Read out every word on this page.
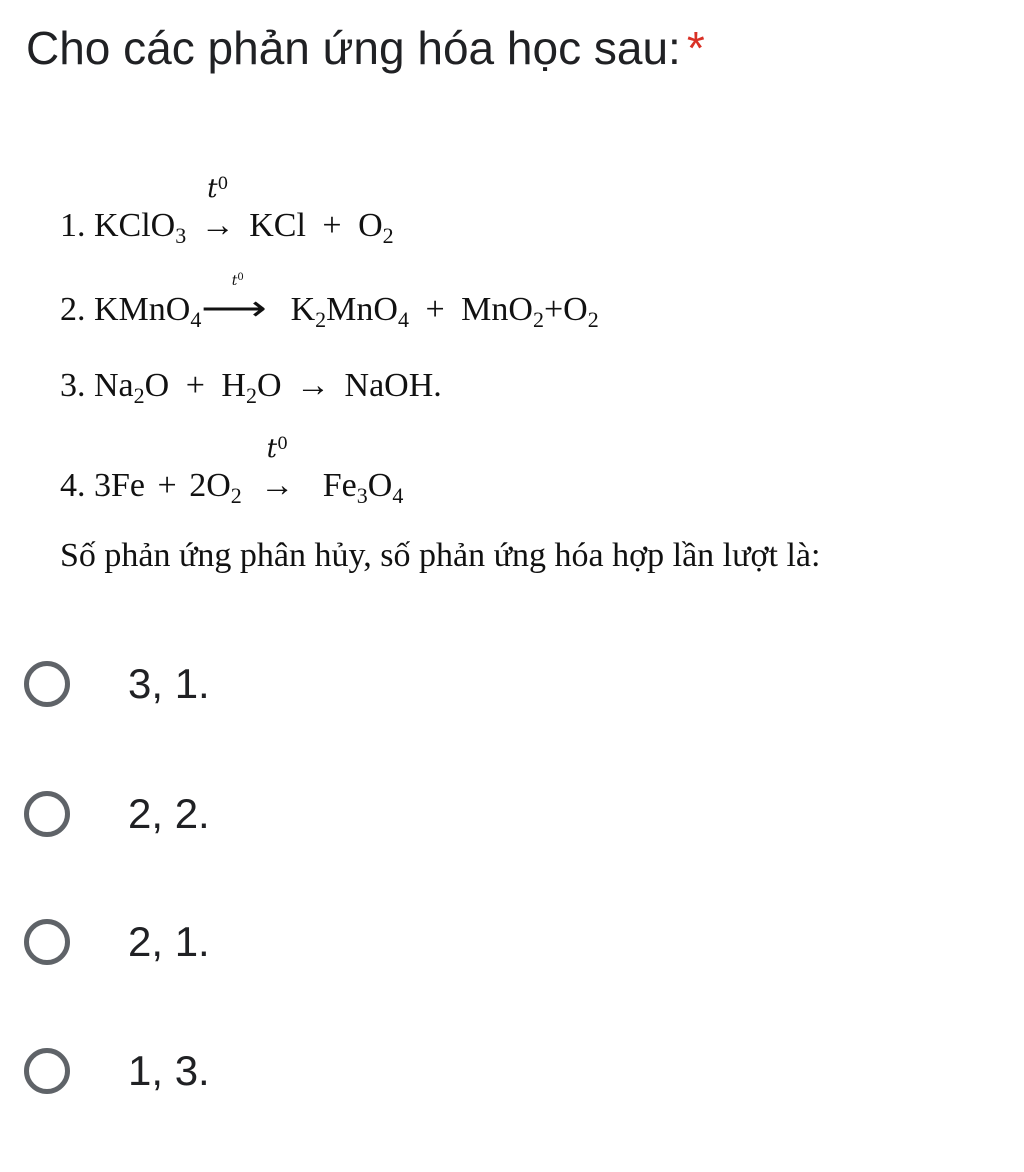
Cho các phản ứng hóa học sau: *
1. KClO$_3$
$t^0$
→ KCl + $O_2$
2. KMnO$_4$
$t^0$
⟶ $K_2MnO_4 + MnO_2+O_2$
3. $Na_2O + H_2O$ → NaOH.
4. $3Fe + 2O_2$
$t^0$
→ $Fe_3O_4$
Số phản ứng phân hủy, số phản ứng hóa hợp lần lượt là:
3, 1.
2, 2.
2, 1.
1, 3.
